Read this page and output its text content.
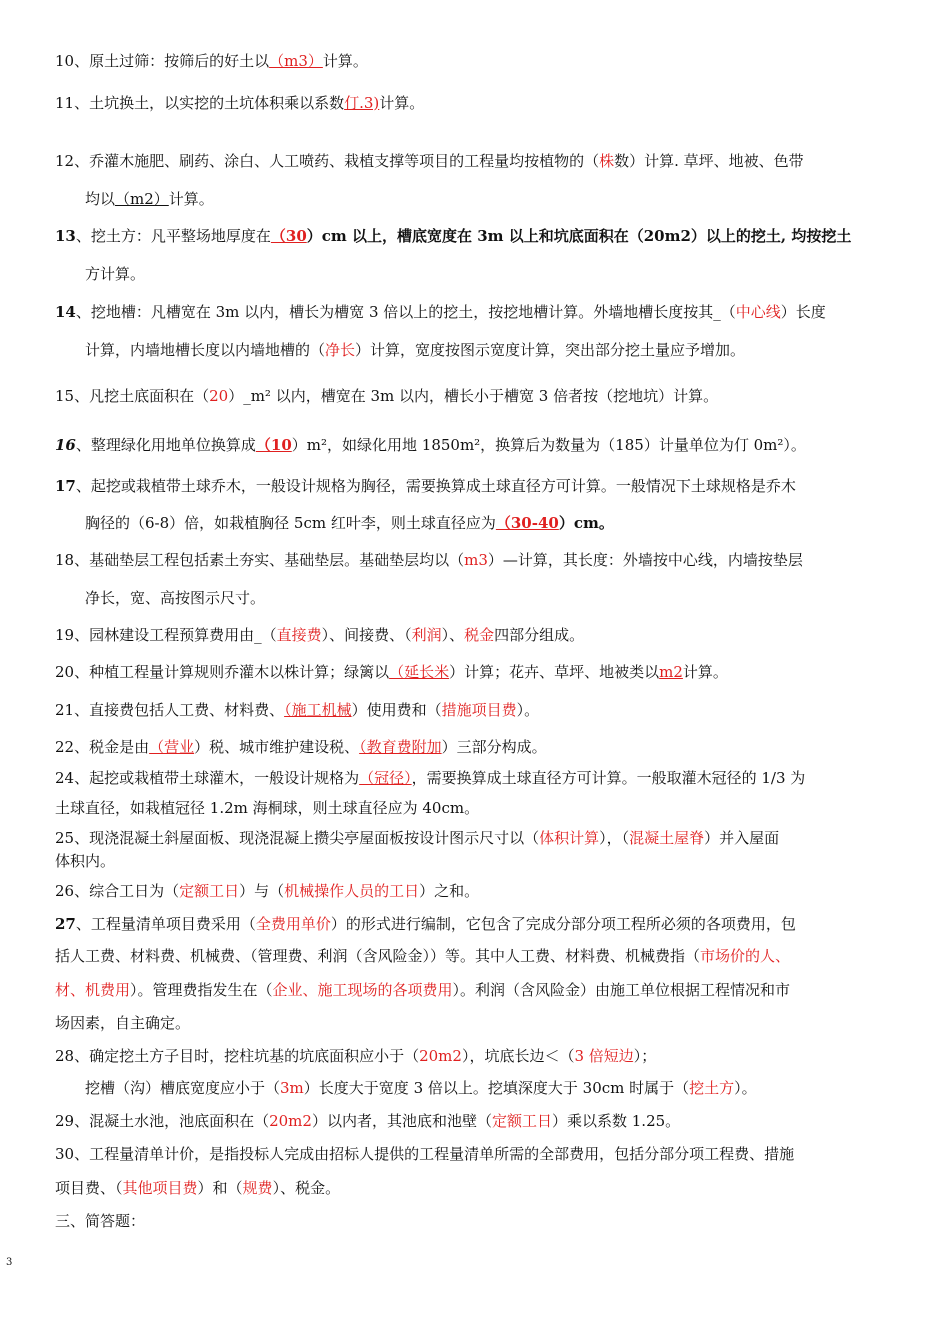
10、原土过筛：按筛后的好土以（m3）计算。
11、土坑换土，以实挖的土坑体积乘以系数仃.3)计算。
12、乔灌木施肥、刷药、涂白、人工喷药、栽植支撑等项目的工程量均按植物的（株数）计算. 草坪、地被、色带
均以（m2）计算。
13、挖土方：凡平整场地厚度在（30）cm 以上，槽底宽度在 3m 以上和坑底面积在（20m2）以上的挖土, 均按挖土
方计算。
14、挖地槽：凡槽宽在 3m 以内，槽长为槽宽 3 倍以上的挖土，按挖地槽计算。外墙地槽长度按其_（中心线）长度
计算，内墙地槽长度以内墙地槽的（净长）计算，宽度按图示宽度计算，突出部分挖土量应予增加。
15、凡挖土底面积在（20）_m² 以内，槽宽在 3m 以内，槽长小于槽宽 3 倍者按（挖地坑）计算。
16、整理绿化用地单位换算成（10）m²，如绿化用地 1850m²，换算后为数量为（185）计量单位为仃 0m²）。
17、起挖或栽植带土球乔木，一般设计规格为胸径，需要换算成土球直径方可计算。一般情况下土球规格是乔木
胸径的（6-8）倍，如栽植胸径 5cm 红叶李，则土球直径应为（30-40）cm。
18、基础垫层工程包括素土夯实、基础垫层。基础垫层均以（m3）—计算，其长度：外墙按中心线，内墙按垫层
净长，宽、高按图示尺寸。
19、园林建设工程预算费用由_（直接费）、间接费、（利润）、税金四部分组成。
20、种植工程量计算规则乔灌木以株计算；绿篱以（延长米）计算；花卉、草坪、地被类以m2计算。
21、直接费包括人工费、材料费、（施工机械）使用费和（措施项目费）。
22、税金是由（营业）税、城市维护建设税、（教育费附加）三部分构成。
24、起挖或栽植带土球灌木，一般设计规格为（冠径），需要换算成土球直径方可计算。一般取灌木冠径的 1/3 为
土球直径，如栽植冠径 1.2m 海桐球，则土球直径应为 40cm。
25、现浇混凝土斜屋面板、现浇混凝上攒尖亭屋面板按设计图示尺寸以（体积计算），（混凝土屋脊）并入屋面
体积内。
26、综合工日为（定额工日）与（机械操作人员的工日）之和。
27、工程量清单项目费采用（全费用单价）的形式进行编制，它包含了完成分部分项工程所必须的各项费用，包
括人工费、材料费、机械费、（管理费、利润（含风险金））等。其中人工费、材料费、机械费指（市场价的人、
材、机费用）。管理费指发生在（企业、施工现场的各项费用）。利润（含风险金）由施工单位根据工程情况和市
场因素，自主确定。
28、确定挖土方子目时，挖柱坑基的坑底面积应小于（20m2），坑底长边＜（3 倍短边）；
挖槽（沟）槽底宽度应小于（3m）长度大于宽度 3 倍以上。挖填深度大于 30cm 时属于（挖土方）。
29、混凝土水池，池底面积在（20m2）以内者，其池底和池壁（定额工日）乘以系数 1.25。
30、工程量清单计价，是指投标人完成由招标人提供的工程量清单所需的全部费用，包括分部分项工程费、措施
项目费、（其他项目费）和（规费）、税金。
三、简答题：
3
